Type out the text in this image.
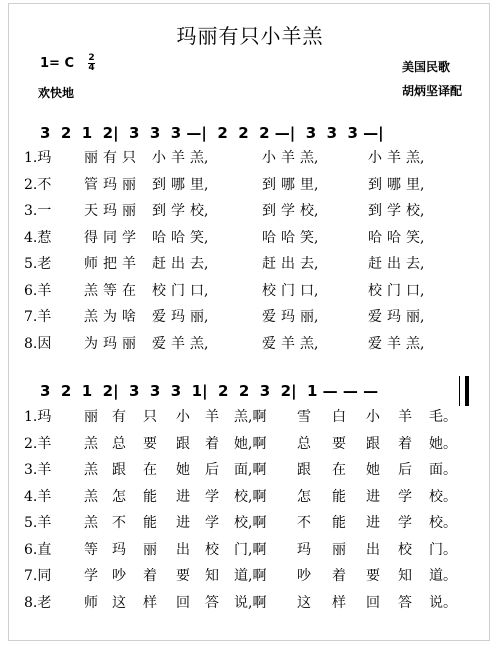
玛丽有只小羊羔
1= C 2
4
欢快地
美国民歌
胡炳坚译配
3  2  1  2|  3  3  3 —|  2  2  2 —|  3  3  3 —|
1.玛 丽 有 只 小 羊 羔,	小 羊 羔,	小 羊 羔,
2.不 管 玛 丽 到 哪 里,	到 哪 里,	到 哪 里,
3.一 天 玛 丽 到 学 校,	到 学 校,	到 学 校,
4.惹 得 同 学 哈 哈 笑,	哈 哈 笑,	哈 哈 笑,
5.老 师 把 羊 赶 出 去,	赶 出 去,	赶 出 去,
6.羊 羔 等 在 校 门 口,	校 门 口,	校 门 口,
7.羊 羔 为 啥 爱 玛 丽,	爱 玛 丽,	爱 玛 丽,
8.因 为 玛 丽 爱 羊 羔,	爱 羊 羔,	爱 羊 羔,
3  2  1  2|  3  3  3  1|  2  2  3  2|  1 — — —
1.玛 丽 有 只 小 羊 羔,啊 雪 白 小 羊 毛。
2.羊 羔 总 要 跟 着 她,啊 总 要 跟 着 她。
3.羊 羔 跟 在 她 后 面,啊 跟 在 她 后 面。
4.羊 羔 怎 能 进 学 校,啊 怎 能 进 学 校。
5.羊 羔 不 能 进 学 校,啊 不 能 进 学 校。
6.直 等 玛 丽 出 校 门,啊 玛 丽 出 校 门。
7.同 学 吵 着 要 知 道,啊 吵 着 要 知 道。
8.老 师 这 样 回 答 说,啊 这 样 回 答 说。
